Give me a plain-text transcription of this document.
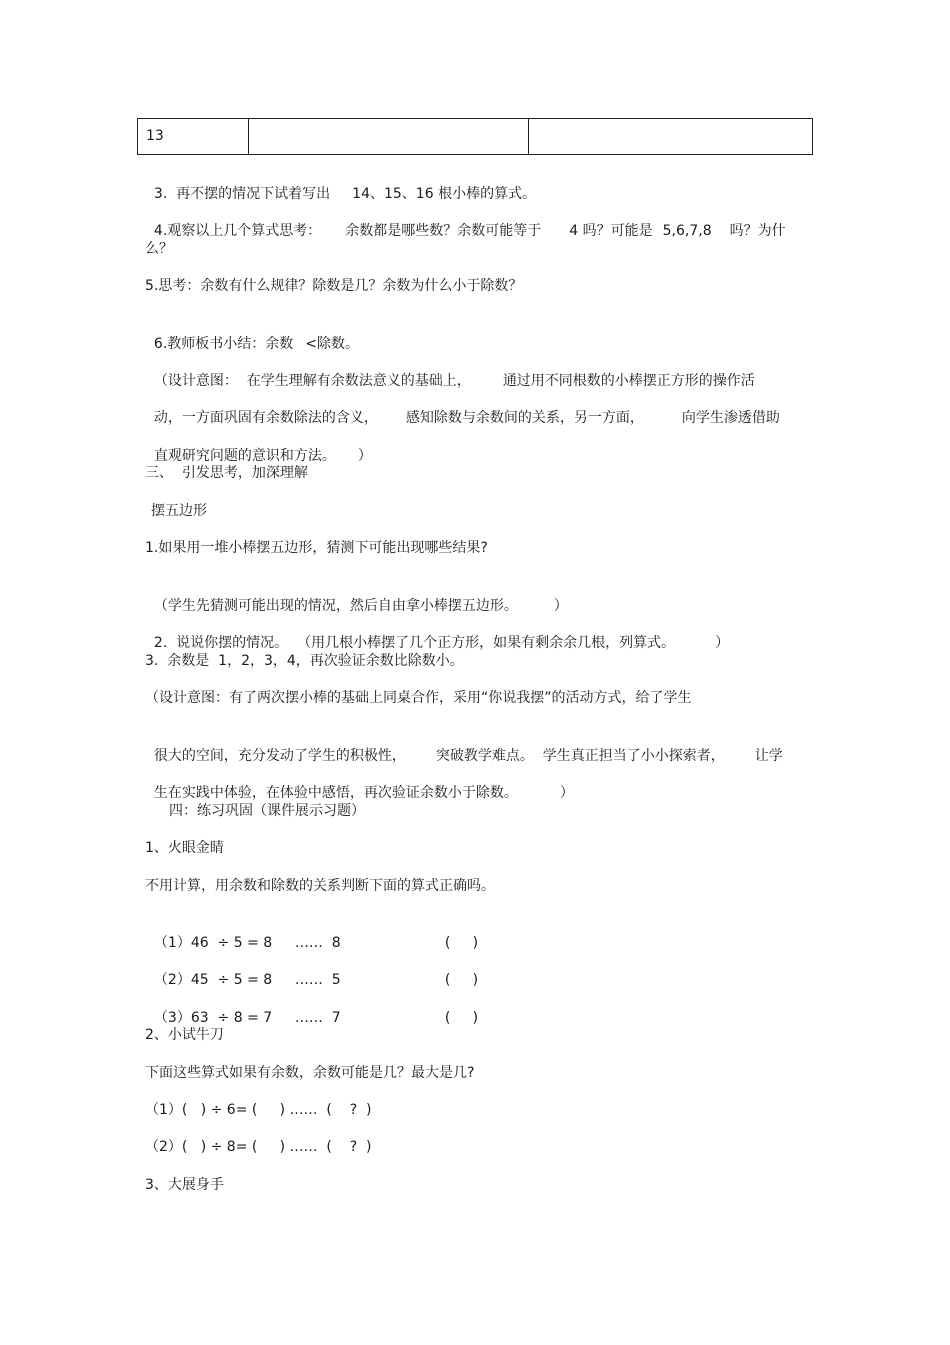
13

3.  再不摆的情况下试着写出 14、15、16 根小棒的算式。

4.观察以上几个算式思考： 余数都是哪些数？余数可能等于 4 吗？可能是 5,6,7,8 吗？为什

么？
5.思考：余数有什么规律？除数是几？余数为什么小于除数？

6.教师板书小结：余数 <除数。

（设计意图：  在学生理解有余数法意义的基础上， 通过用不同根数的小棒摆正方形的操作活

动，一方面巩固有余数除法的含义， 感知除数与余数间的关系，另一方面，	向学生渗透借助

直观研究问题的意识和方法。 ）

三、  引发思考，加深理解
摆五边形
1.如果用一堆小棒摆五边形，猜测下可能出现哪些结果?

（学生先猜测可能出现的情况，然后自由拿小棒摆五边形。	）

2.  说说你摆的情况。  （用几根小棒摆了几个正方形，如果有剩余余几根，列算式。	）

3.  余数是  1，2，3，4，再次验证余数比除数小。
（设计意图：有了两次摆小棒的基础上同桌合作，采用“你说我摆”的活动方式，给了学生

很大的空间，充分发动了学生的积极性， 突破教学难点。  学生真正担当了小小探索者， 让学

生在实践中体验，在体验中感悟，再次验证余数小于除数。	）

四：练习巩固（课件展示习题）
1、火眼金睛
不用计算，用余数和除数的关系判断下面的算式正确吗。

（1）46  ÷ 5 = 8 ……  8	(     )

（2）45  ÷ 5 = 8 ……  5	(     )

（3）63  ÷ 8 = 7 ……  7	(     )

2、小试牛刀
下面这些算式如果有余数，余数可能是几？最大是几?
（1）(   ) ÷ 6= (     ) ……  (    ?  )
（2）(   ) ÷ 8= (     ) ……  (    ?  )
3、大展身手
